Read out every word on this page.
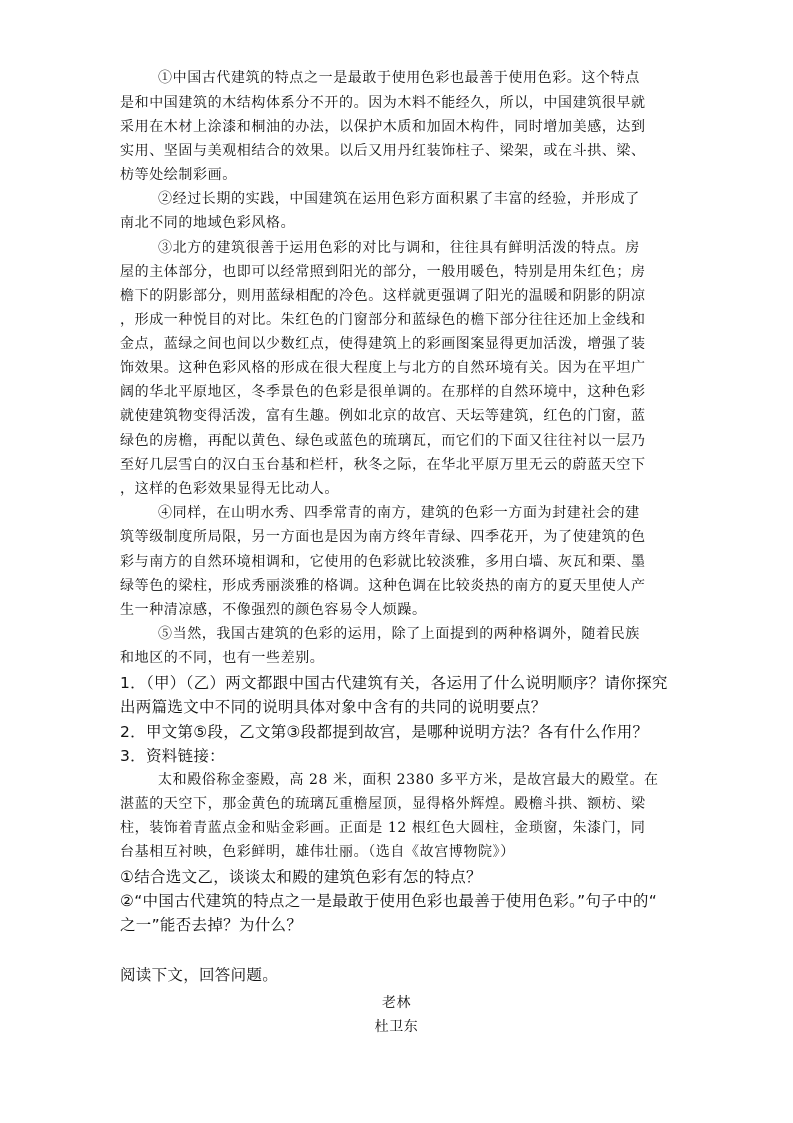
①中国古代建筑的特点之一是最敢于使用色彩也最善于使用色彩。这个特点
是和中国建筑的木结构体系分不开的。因为木料不能经久，所以，中国建筑很早就
采用在木材上涂漆和桐油的办法，以保护木质和加固木构件，同时增加美感，达到
实用、坚固与美观相结合的效果。以后又用丹红装饰柱子、梁架，或在斗拱、梁、
枋等处绘制彩画。
②经过长期的实践，中国建筑在运用色彩方面积累了丰富的经验，并形成了
南北不同的地域色彩风格。
③北方的建筑很善于运用色彩的对比与调和，往往具有鲜明活泼的特点。房
屋的主体部分，也即可以经常照到阳光的部分，一般用暖色，特别是用朱红色；房
檐下的阴影部分，则用蓝绿相配的冷色。这样就更强调了阳光的温暖和阴影的阴凉
，形成一种悦目的对比。朱红色的门窗部分和蓝绿色的檐下部分往往还加上金线和
金点，蓝绿之间也间以少数红点，使得建筑上的彩画图案显得更加活泼，增强了装
饰效果。这种色彩风格的形成在很大程度上与北方的自然环境有关。因为在平坦广
阔的华北平原地区，冬季景色的色彩是很单调的。在那样的自然环境中，这种色彩
就使建筑物变得活泼，富有生趣。例如北京的故宫、天坛等建筑，红色的门窗，蓝
绿色的房檐，再配以黄色、绿色或蓝色的琉璃瓦，而它们的下面又往往衬以一层乃
至好几层雪白的汉白玉台基和栏杆，秋冬之际，在华北平原万里无云的蔚蓝天空下
，这样的色彩效果显得无比动人。
④同样，在山明水秀、四季常青的南方，建筑的色彩一方面为封建社会的建
筑等级制度所局限，另一方面也是因为南方终年青绿、四季花开，为了使建筑的色
彩与南方的自然环境相调和，它使用的色彩就比较淡雅，多用白墙、灰瓦和栗、墨
绿等色的梁柱，形成秀丽淡雅的格调。这种色调在比较炎热的南方的夏天里使人产
生一种清凉感，不像强烈的颜色容易令人烦躁。
⑤当然，我国古建筑的色彩的运用，除了上面提到的两种格调外，随着民族
和地区的不同，也有一些差别。
1．（甲）（乙）两文都跟中国古代建筑有关，各运用了什么说明顺序？请你探究
出两篇选文中不同的说明具体对象中含有的共同的说明要点？
2．甲文第⑤段，乙文第③段都提到故宫，是哪种说明方法？各有什么作用？
3．资料链接：
太和殿俗称金銮殿，高 28 米，面积 2380 多平方米，是故宫最大的殿堂。在
湛蓝的天空下，那金黄色的琉璃瓦重檐屋顶，显得格外辉煌。殿檐斗拱、额枋、梁
柱，装饰着青蓝点金和贴金彩画。正面是 12 根红色大圆柱，金琐窗，朱漆门，同
台基相互衬映，色彩鲜明，雄伟壮丽。（选自《故宫博物院》）
①结合选文乙，谈谈太和殿的建筑色彩有怎的特点？
②“中国古代建筑的特点之一是最敢于使用色彩也最善于使用色彩。”句子中的“
之一”能否去掉？为什么？
阅读下文，回答问题。
老林
杜卫东
